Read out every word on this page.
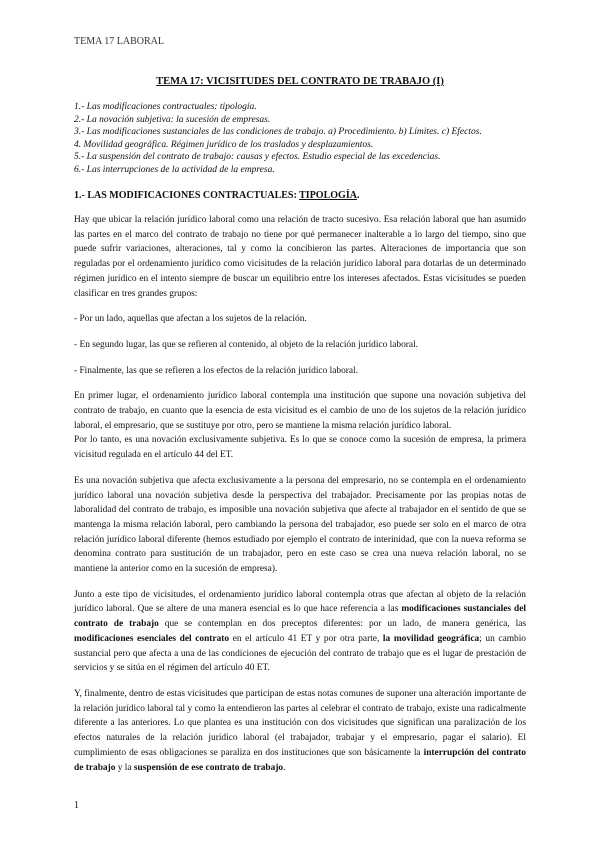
TEMA 17 LABORAL
TEMA 17: VICISITUDES DEL CONTRATO DE TRABAJO (I)
1.- Las modificaciones contractuales: tipología.
2.- La novación subjetiva: la sucesión de empresas.
3.- Las modificaciones sustanciales de las condiciones de trabajo. a) Procedimiento. b) Límites. c) Efectos.
4. Movilidad geográfica. Régimen jurídico de los traslados y desplazamientos.
5.- La suspensión del contrato de trabajo: causas y efectos. Estudio especial de las excedencias.
6.- Las interrupciones de la actividad de la empresa.
1.- LAS MODIFICACIONES CONTRACTUALES: TIPOLOGÍA.

Hay que ubicar la relación jurídico laboral como una relación de tracto sucesivo. Esa relación laboral que han asumido las partes en el marco del contrato de trabajo no tiene por qué permanecer inalterable a lo largo del tiempo, sino que puede sufrir variaciones, alteraciones, tal y como la concibieron las partes. Alteraciones de importancia que son reguladas por el ordenamiento jurídico como vicisitudes de la relación jurídico laboral para dotarlas de un determinado régimen jurídico en el intento siempre de buscar un equilibrio entre los intereses afectados. Estas vicisitudes se pueden clasificar en tres grandes grupos:

- Por un lado, aquellas que afectan a los sujetos de la relación.

- En segundo lugar, las que se refieren al contenido, al objeto de la relación jurídico laboral.

- Finalmente, las que se refieren a los efectos de la relación jurídico laboral.

En primer lugar, el ordenamiento jurídico laboral contempla una institución que supone una novación subjetiva del contrato de trabajo, en cuanto que la esencia de esta vicisitud es el cambio de uno de los sujetos de la relación jurídico laboral, el empresario, que se sustituye por otro, pero se mantiene la misma relación jurídico laboral.

Por lo tanto, es una novación exclusivamente subjetiva. Es lo que se conoce como la sucesión de empresa, la primera vicisitud regulada en el artículo 44 del ET.

Es una novación subjetiva que afecta exclusivamente a la persona del empresario, no se contempla en el ordenamiento jurídico laboral una novación subjetiva desde la perspectiva del trabajador. Precisamente por las propias notas de laboralidad del contrato de trabajo, es imposible una novación subjetiva que afecte al trabajador en el sentido de que se mantenga la misma relación laboral, pero cambiando la persona del trabajador, eso puede ser solo en el marco de otra relación jurídico laboral diferente (hemos estudiado por ejemplo el contrato de interinidad, que con la nueva reforma se denomina contrato para sustitución de un trabajador, pero en este caso se crea una nueva relación laboral, no se mantiene la anterior como en la sucesión de empresa).

Junto a este tipo de vicisitudes, el ordenamiento jurídico laboral contempla otras que afectan al objeto de la relación jurídico laboral. Que se altere de una manera esencial es lo que hace referencia a las modificaciones sustanciales del contrato de trabajo que se contemplan en dos preceptos diferentes: por un lado, de manera genérica, las modificaciones esenciales del contrato en el artículo 41 ET y por otra parte, la movilidad geográfica; un cambio sustancial pero que afecta a una de las condiciones de ejecución del contrato de trabajo que es el lugar de prestación de servicios y se sitúa en el régimen del artículo 40 ET.

Y, finalmente, dentro de estas vicisitudes que participan de estas notas comunes de suponer una alteración importante de la relación jurídico laboral tal y como la entendieron las partes al celebrar el contrato de trabajo, existe una radicalmente diferente a las anteriores. Lo que plantea es una institución con dos vicisitudes que significan una paralización de los efectos naturales de la relación jurídico laboral (el trabajador, trabajar y el empresario, pagar el salario). El cumplimiento de esas obligaciones se paraliza en dos instituciones que son básicamente la interrupción del contrato de trabajo y la suspensión de ese contrato de trabajo.

1
